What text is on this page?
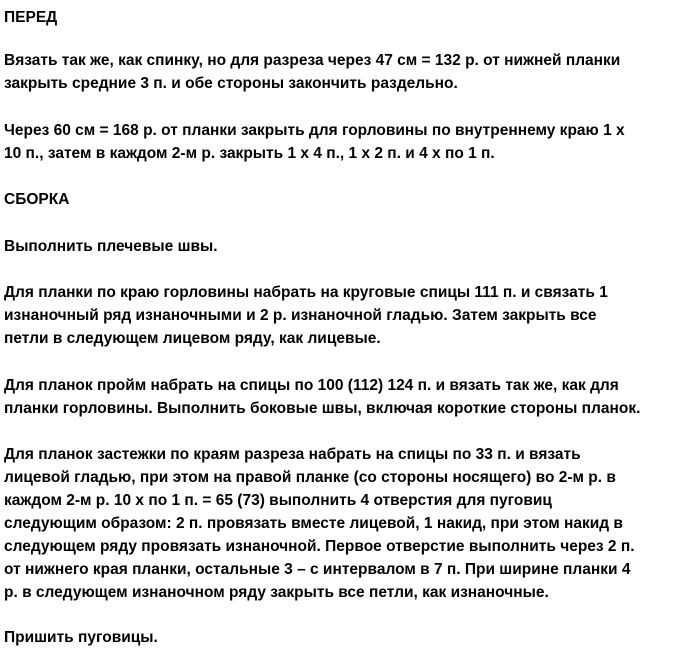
ПЕРЕД
Вязать так же, как спинку, но для разреза через 47 см = 132 р. от нижней планки
закрыть средние 3 п. и обе стороны закончить раздельно.
Через 60 см = 168 р. от планки закрыть для горловины по внутреннему краю 1 х
10 п., затем в каждом 2-м р. закрыть 1 х 4 п., 1 х 2 п. и 4 х по 1 п.
СБОРКА
Выполнить плечевые швы.
Для планки по краю горловины набрать на круговые спицы 111 п. и связать 1
изнаночный ряд изнаночными и 2 р. изнаночной гладью. Затем закрыть все
петли в следующем лицевом ряду, как лицевые.
Для планок пройм набрать на спицы по 100 (112) 124 п. и вязать так же, как для
планки горловины. Выполнить боковые швы, включая короткие стороны планок.
Для планок застежки по краям разреза набрать на спицы по 33 п. и вязать
лицевой гладью, при этом на правой планке (со стороны носящего) во 2-м р. в
каждом 2-м р. 10 х по 1 п. = 65 (73) выполнить 4 отверстия для пуговиц
следующим образом: 2 п. провязать вместе лицевой, 1 накид, при этом накид в
следующем ряду провязать изнаночной. Первое отверстие выполнить через 2 п.
от нижнего края планки, остальные 3 – с интервалом в 7 п. При ширине планки 4
р. в следующем изнаночном ряду закрыть все петли, как изнаночные.
Пришить пуговицы.
